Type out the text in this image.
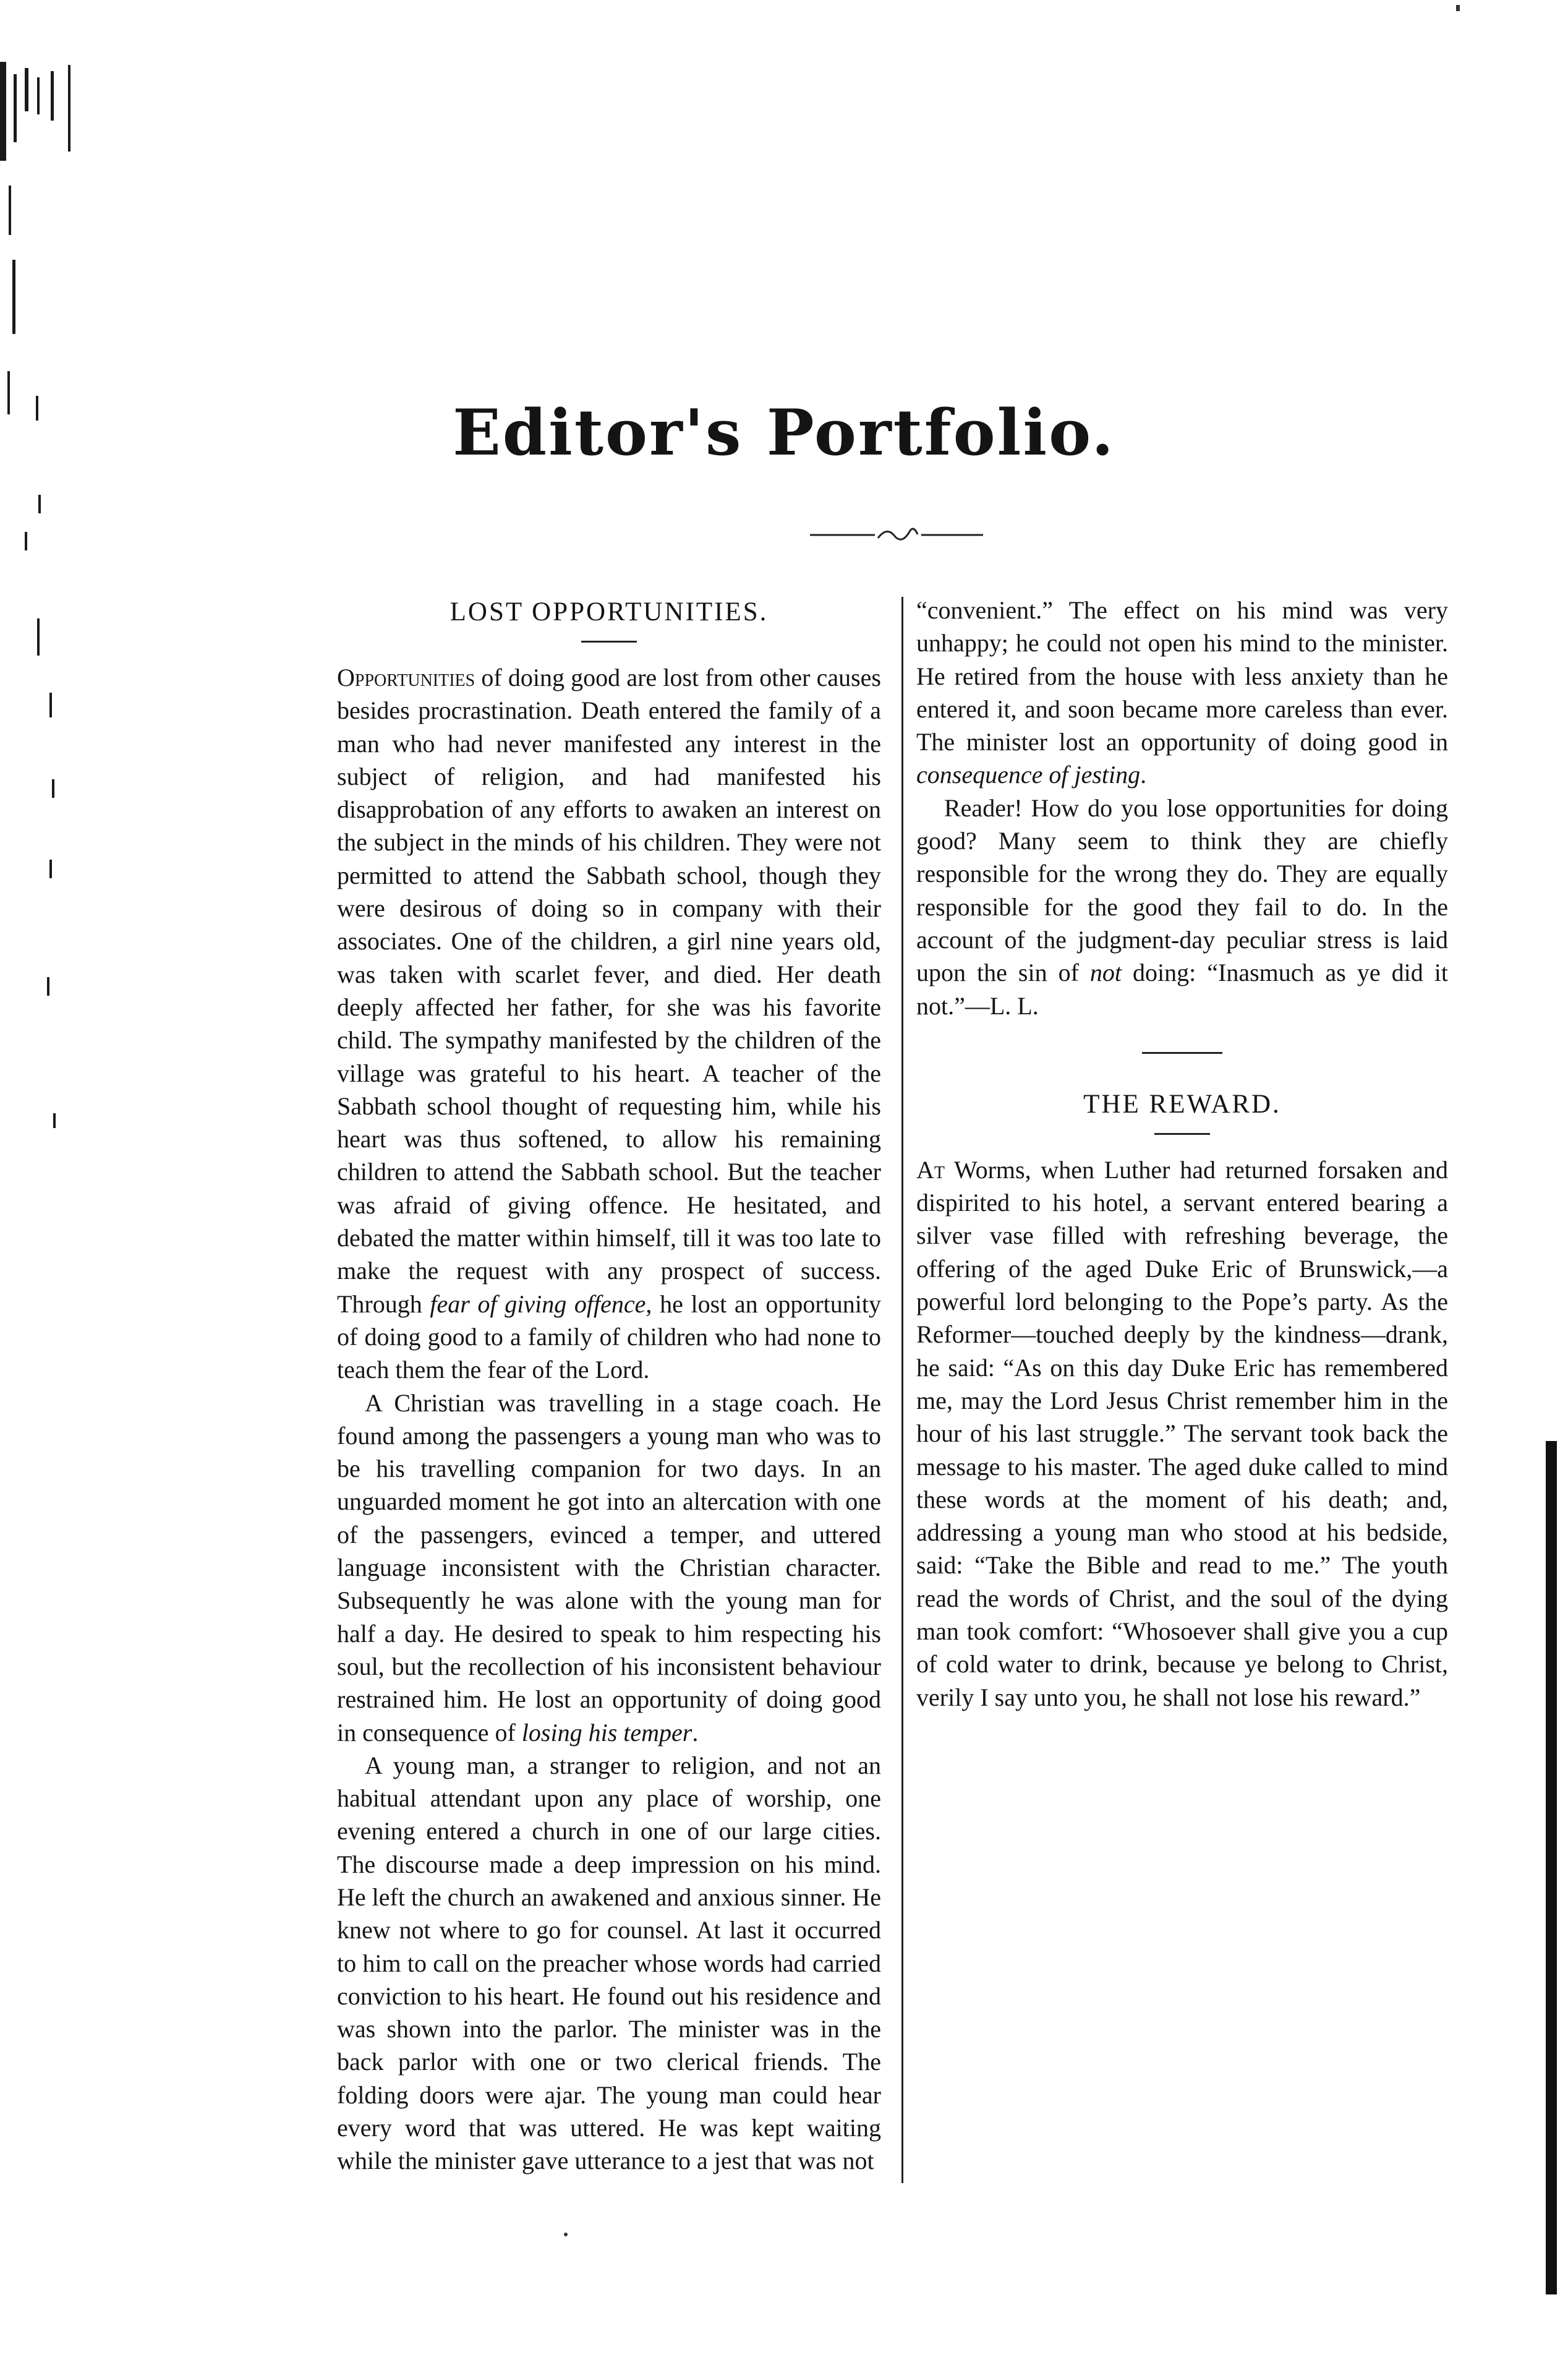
Editor's Portfolio.
LOST OPPORTUNITIES.

Opportunities of doing good are lost from other causes besides procrastination. Death entered the family of a man who had never manifested any interest in the subject of religion, and had manifested his disapprobation of any efforts to awaken an interest on the subject in the minds of his children. They were not permitted to attend the Sabbath school, though they were desirous of doing so in company with their associates. One of the children, a girl nine years old, was taken with scarlet fever, and died. Her death deeply affected her father, for she was his favorite child. The sympathy manifested by the children of the village was grateful to his heart. A teacher of the Sabbath school thought of requesting him, while his heart was thus softened, to allow his remaining children to attend the Sabbath school. But the teacher was afraid of giving offence. He hesitated, and debated the matter within himself, till it was too late to make the request with any prospect of success. Through fear of giving offence, he lost an opportunity of doing good to a family of children who had none to teach them the fear of the Lord.

A Christian was travelling in a stage coach. He found among the passengers a young man who was to be his travelling companion for two days. In an unguarded moment he got into an altercation with one of the passengers, evinced a temper, and uttered language inconsistent with the Christian character. Subsequently he was alone with the young man for half a day. He desired to speak to him respecting his soul, but the recollection of his inconsistent behaviour restrained him. He lost an opportunity of doing good in consequence of losing his temper.

A young man, a stranger to religion, and not an habitual attendant upon any place of worship, one evening entered a church in one of our large cities. The discourse made a deep impression on his mind. He left the church an awakened and anxious sinner. He knew not where to go for counsel. At last it occurred to him to call on the preacher whose words had carried conviction to his heart. He found out his residence and was shown into the parlor. The minister was in the back parlor with one or two clerical friends. The folding doors were ajar. The young man could hear every word that was uttered. He was kept waiting while the minister gave utterance to a jest that was not

“convenient.” The effect on his mind was very unhappy; he could not open his mind to the minister. He retired from the house with less anxiety than he entered it, and soon became more careless than ever. The minister lost an opportunity of doing good in consequence of jesting.

Reader! How do you lose opportunities for doing good? Many seem to think they are chiefly responsible for the wrong they do. They are equally responsible for the good they fail to do. In the account of the judgment-day peculiar stress is laid upon the sin of not doing: “Inasmuch as ye did it not.”—L. L.

THE REWARD.

At Worms, when Luther had returned forsaken and dispirited to his hotel, a servant entered bearing a silver vase filled with refreshing beverage, the offering of the aged Duke Eric of Brunswick,—a powerful lord belonging to the Pope’s party. As the Reformer—touched deeply by the kindness—drank, he said: “As on this day Duke Eric has remembered me, may the Lord Jesus Christ remember him in the hour of his last struggle.” The servant took back the message to his master. The aged duke called to mind these words at the moment of his death; and, addressing a young man who stood at his bedside, said: “Take the Bible and read to me.” The youth read the words of Christ, and the soul of the dying man took comfort: “Whosoever shall give you a cup of cold water to drink, because ye belong to Christ, verily I say unto you, he shall not lose his reward.”
